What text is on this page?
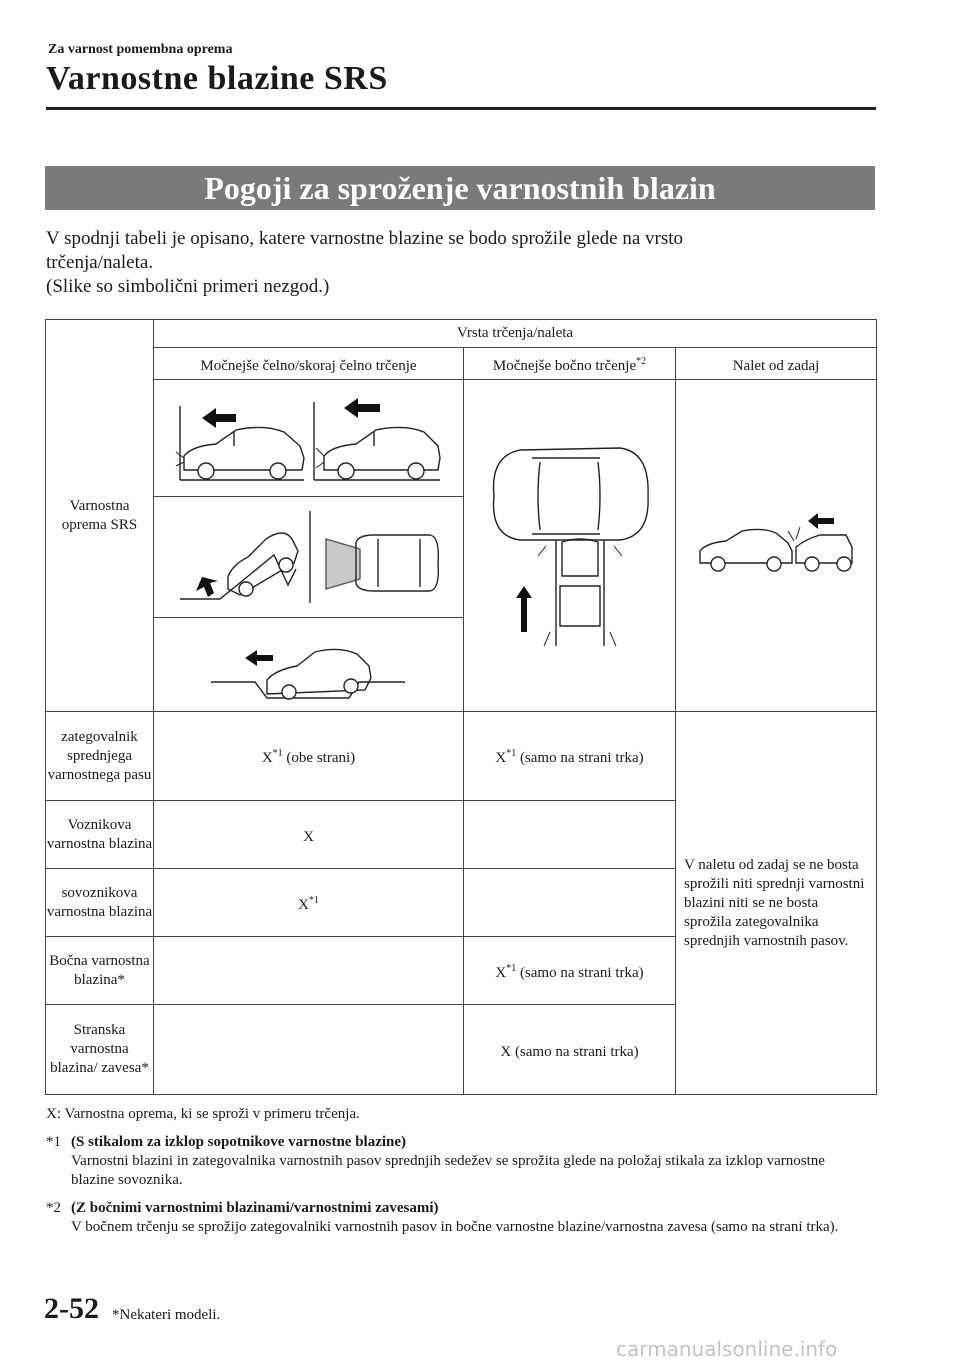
Za varnost pomembna oprema
Varnostne blazine SRS
Pogoji za sproženje varnostnih blazin
V spodnji tabeli je opisano, katere varnostne blazine se bodo sprožile glede na vrsto
trčenja/naleta.
(Slike so simbolični primeri nezgod.)
Varnostna oprema SRS	Vrsta trčenja/naleta		
	Močnejše čelno/skoraj čelno trčenje	Močnejše bočno trčenje$^{*2}$	Nalet od zadaj

zategovalnik sprednjega varnostnega pasu	$X^{*1}$ (obe strani)	$X^{*1}$ (samo na strani trka)	V naletu od zadaj se ne bosta sprožili niti sprednji varnostni blazini niti se ne bosta sprožila zategovalnika sprednjih varnostnih pasov.

Voznikova varnostna blazina	X		
sovoznikova varnostna blazina	$X^{*1}$	
Bočna varnostna blazina*		$X^{*1}$ (samo na strani trka)	
Stranska varnostna blazina/ zavesa*		X (samo na strani trka)	
X: Varnostna oprema, ki se sproži v primeru trčenja.
*1 (S stikalom za izklop sopotnikove varnostne blazine)
Varnostni blazini in zategovalnika varnostnih pasov sprednjih sedežev se sprožita glede na položaj stikala za izklop varnostne blazine sovoznika.
*2 (Z bočnimi varnostnimi blazinami/varnostnimi zavesami)
V bočnem trčenju se sprožijo zategovalniki varnostnih pasov in bočne varnostne blazine/varnostna zavesa (samo na strani trka).
2-52 *Nekateri modeli.
carmanualsonline.info
